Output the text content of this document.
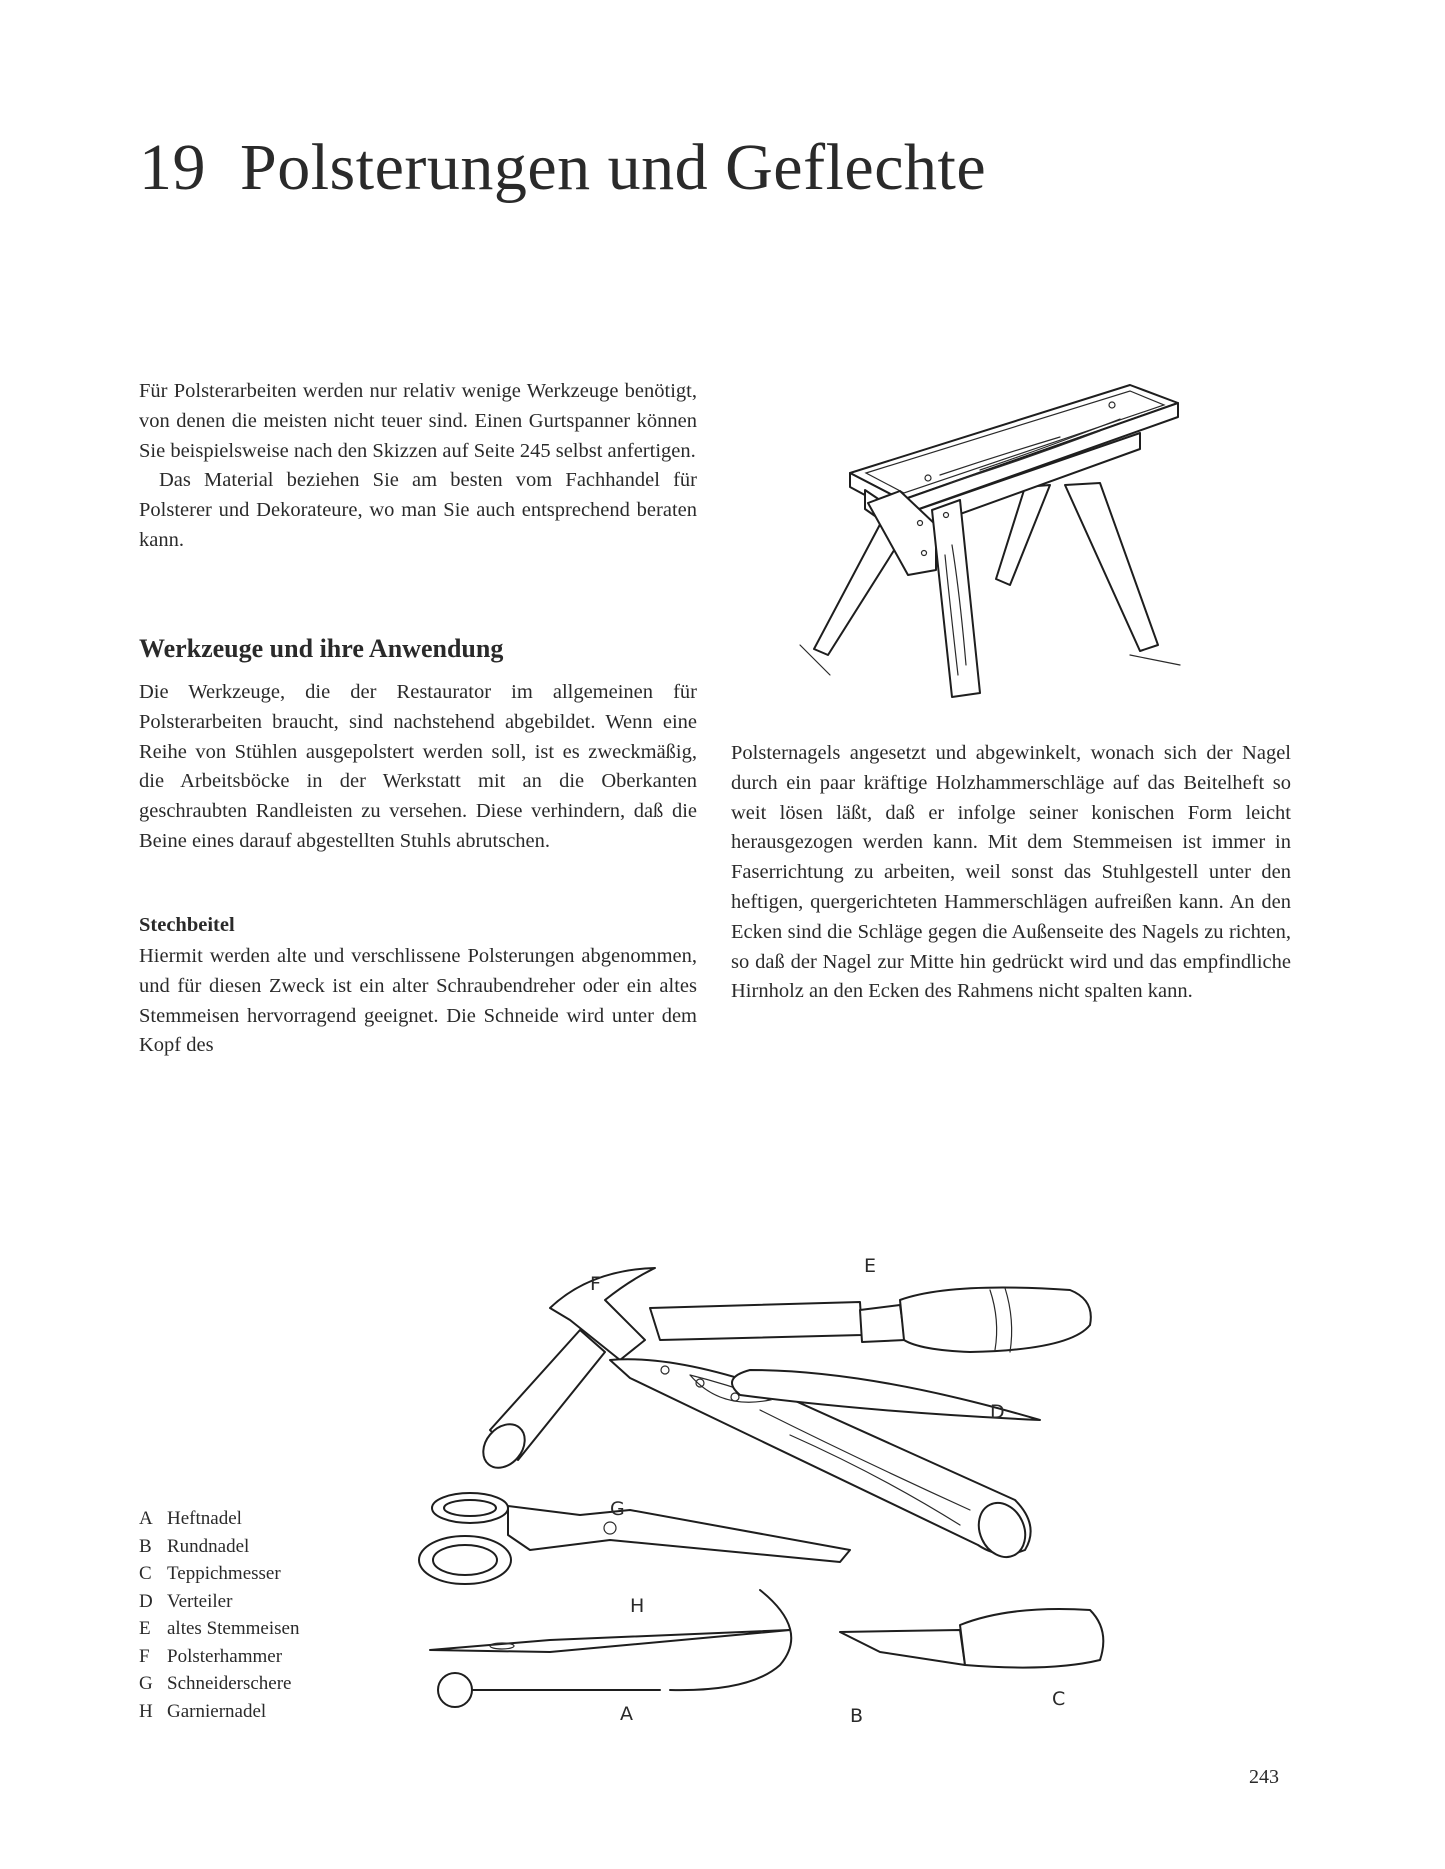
19 Polsterungen und Geflechte

Für Polsterarbeiten werden nur relativ wenige Werkzeuge benötigt, von denen die meisten nicht teuer sind. Einen Gurtspanner können Sie beispielsweise nach den Skizzen auf Seite 245 selbst anfertigen.

Das Material beziehen Sie am besten vom Fachhandel für Polsterer und Dekorateure, wo man Sie auch entsprechend beraten kann.

Werkzeuge und ihre Anwendung

Die Werkzeuge, die der Restaurator im allgemeinen für Polsterarbeiten braucht, sind nachstehend abgebildet. Wenn eine Reihe von Stühlen ausgepolstert werden soll, ist es zweckmäßig, die Arbeitsböcke in der Werkstatt mit an die Oberkanten geschraubten Randleisten zu versehen. Diese verhindern, daß die Beine eines darauf abgestellten Stuhls abrutschen.

Stechbeitel

Hiermit werden alte und verschlissene Polsterungen abgenommen, und für diesen Zweck ist ein alter Schraubendreher oder ein altes Stemmeisen hervorragend geeignet. Die Schneide wird unter dem Kopf des

Polsternagels angesetzt und abgewinkelt, wonach sich der Nagel durch ein paar kräftige Holzhammerschläge auf das Beitelheft so weit lösen läßt, daß er infolge seiner konischen Form leicht herausgezogen werden kann. Mit dem Stemmeisen ist immer in Faserrichtung zu arbeiten, weil sonst das Stuhlgestell unter den heftigen, quergerichteten Hammerschlägen aufreißen kann. An den Ecken sind die Schläge gegen die Außenseite des Nagels zu richten, so daß der Nagel zur Mitte hin gedrückt wird und das empfindliche Hirnholz an den Ecken des Rahmens nicht spalten kann.

F
E
D
G
H
C
A	B
A Heftnadel
B Rundnadel
C Teppichmesser
D Verteiler
E altes Stemmeisen
F Polsterhammer
G Schneiderschere
H Garniernadel
243
